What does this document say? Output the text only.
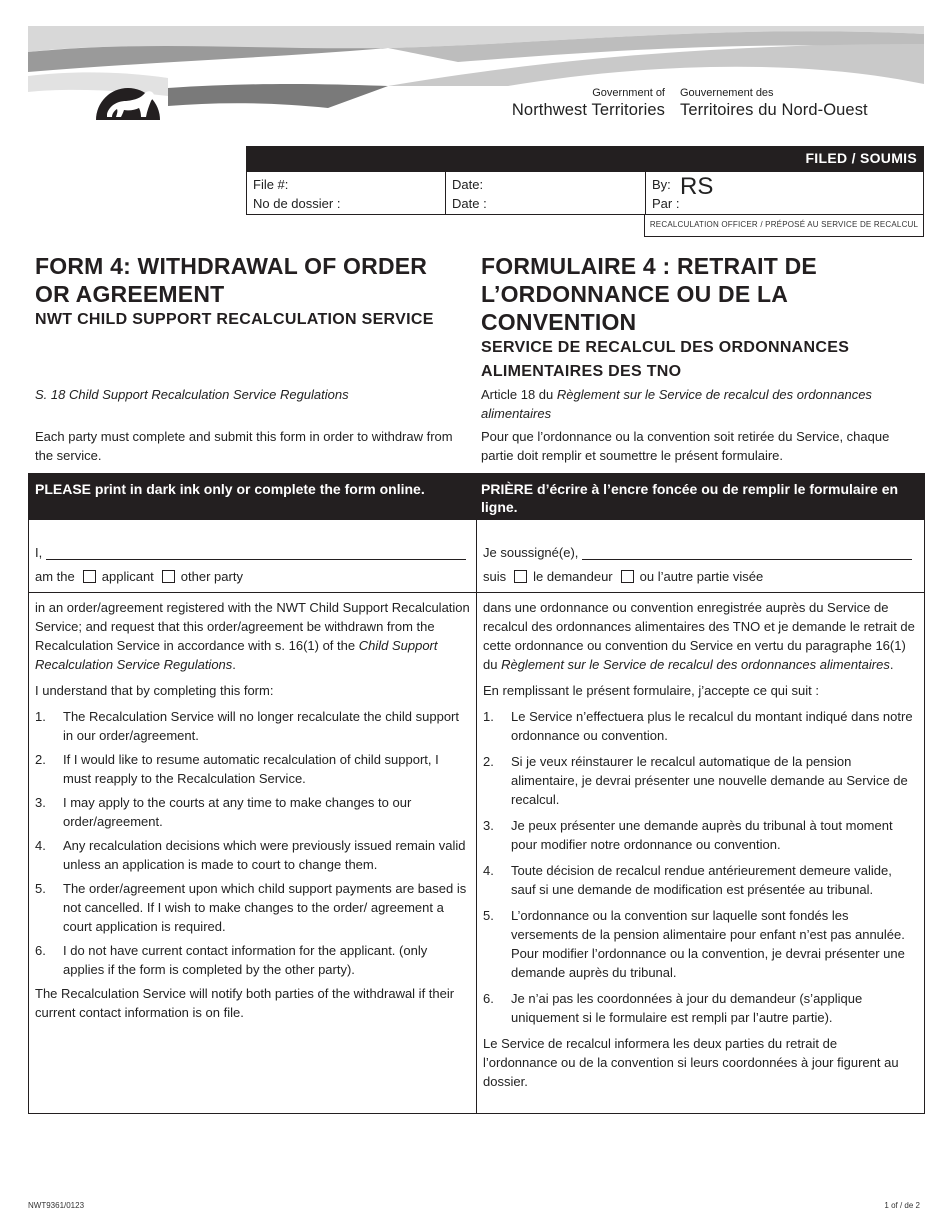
Government of
Northwest Territories
Gouvernement des
Territoires du Nord-Ouest
FILED / SOUMIS
File #:
No de dossier :
Date:
Date :
By:
Par :
RS
RECALCULATION OFFICER / PRÉPOSÉ AU SERVICE DE RECALCUL
FORM 4: WITHDRAWAL OF ORDER OR AGREEMENT
NWT CHILD SUPPORT RECALCULATION SERVICE
FORMULAIRE 4 : RETRAIT DE L’ORDONNANCE OU DE LA CONVENTION
SERVICE DE RECALCUL DES ORDONNANCES ALIMENTAIRES DES TNO
S. 18 Child Support Recalculation Service Regulations	Article 18 du Règlement sur le Service de recalcul des ordonnances alimentaires
Each party must complete and submit this form in order to withdraw from the service.
Pour que l’ordonnance ou la convention soit retirée du Service, chaque partie doit remplir et soumettre le présent formulaire.
PLEASE print in dark ink only or complete the form online.	PRIÈRE d’écrire à l’encre foncée ou de remplir le formulaire en ligne.
I,
am the applicant other party
Je soussigné(e),
suis le demandeur ou l’autre partie visée

in an order/agreement registered with the NWT Child Support Recalculation Service; and request that this order/agreement be withdrawn from the Recalculation Service in accordance with s. 16(1) of the Child Support Recalculation Service Regulations.

I understand that by completing this form:

1.	The Recalculation Service will no longer recalculate the child support in our order/agreement.
2.	If I would like to resume automatic recalculation of child support, I must reapply to the Recalculation Service.
3.	I may apply to the courts at any time to make changes to our order/agreement.
4.	Any recalculation decisions which were previously issued remain valid unless an application is made to court to change them.
5.	The order/agreement upon which child support payments are based is not cancelled. If I wish to make changes to the order/ agreement a court application is required.
6.	I do not have current contact information for the applicant. (only applies if the form is completed by the other party).

The Recalculation Service will notify both parties of the withdrawal if their current contact information is on file.

dans une ordonnance ou convention enregistrée auprès du Service de recalcul des ordonnances alimentaires des TNO et je demande le retrait de cette ordonnance ou convention du Service en vertu du paragraphe 16(1) du Règlement sur le Service de recalcul des ordonnances alimentaires.

En remplissant le présent formulaire, j’accepte ce qui suit :

1.	Le Service n’effectuera plus le recalcul du montant indiqué dans notre ordonnance ou convention.
2.	Si je veux réinstaurer le recalcul automatique de la pension alimentaire, je devrai présenter une nouvelle demande au Service de recalcul.
3.	Je peux présenter une demande auprès du tribunal à tout moment pour modifier notre ordonnance ou convention.
4.	Toute décision de recalcul rendue antérieurement demeure valide, sauf si une demande de modification est présentée au tribunal.
5.	L’ordonnance ou la convention sur laquelle sont fondés les versements de la pension alimentaire pour enfant n’est pas annulée. Pour modifier l’ordonnance ou la convention, je devrai présenter une demande auprès du tribunal.
6.	Je n’ai pas les coordonnées à jour du demandeur (s’applique uniquement si le formulaire est rempli par l’autre partie).

Le Service de recalcul informera les deux parties du retrait de l’ordonnance ou de la convention si leurs coordonnées à jour figurent au dossier.

NWT9361/0123	1 of / de 2
